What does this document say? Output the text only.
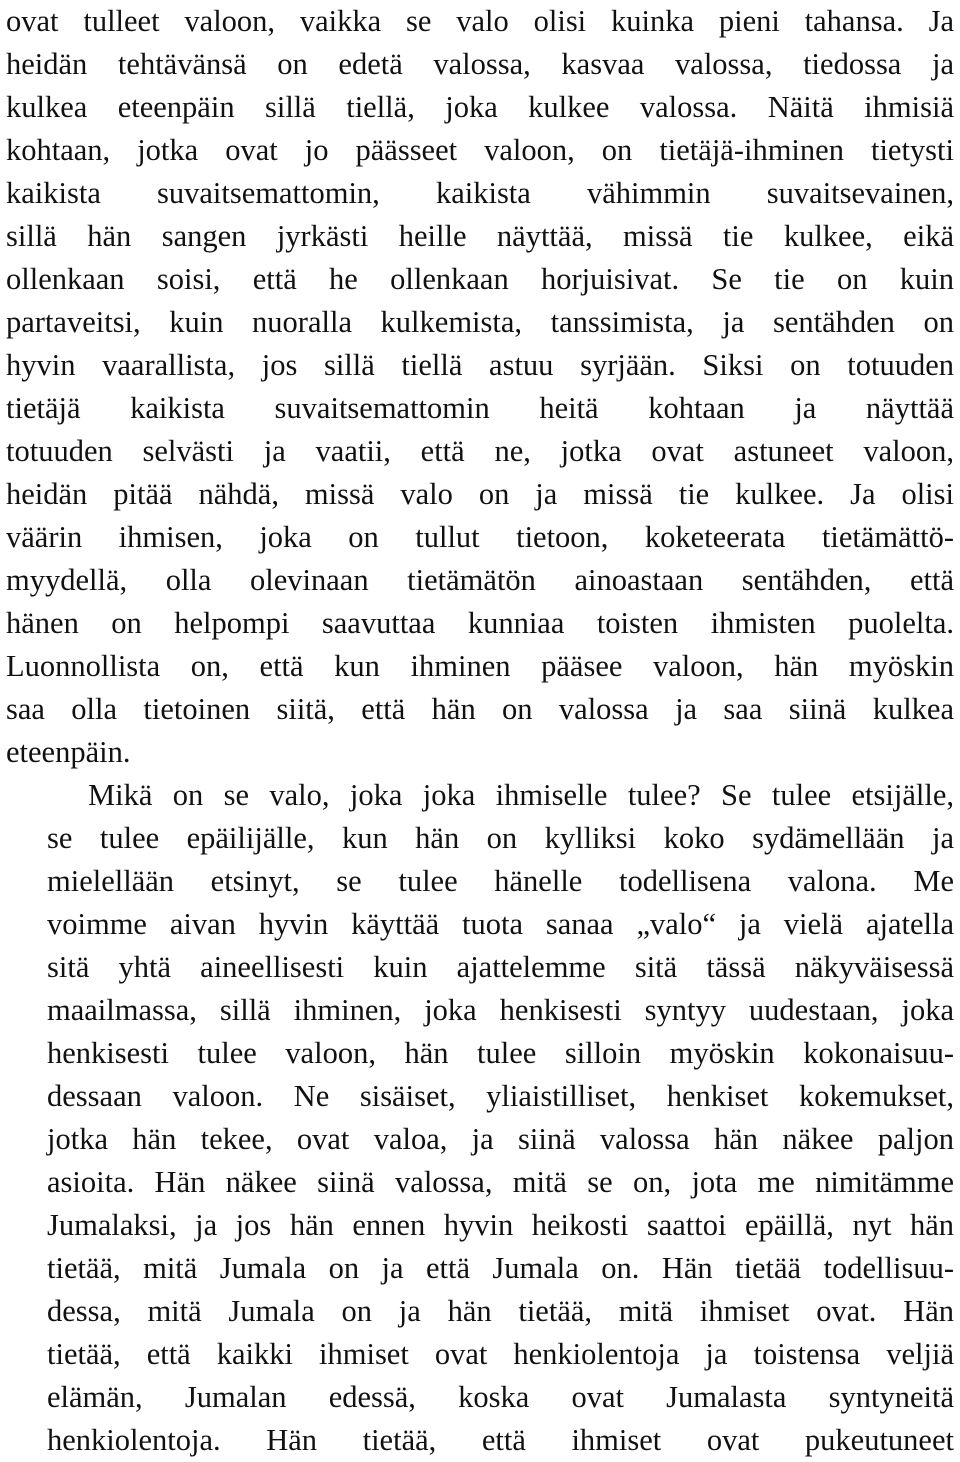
ovat tulleet valoon, vaikka se valo olisi kuinka pieni tahansa. Ja
heidän tehtävänsä on edetä valossa, kasvaa valossa, tiedossa ja
kulkea eteenpäin sillä tiellä, joka kulkee valossa. Näitä ihmisiä
kohtaan, jotka ovat jo päässeet valoon, on tietäjä-ihminen tietysti
kaikista suvaitsemattomin, kaikista vähimmin suvaitsevainen,
sillä hän sangen jyrkästi heille näyttää, missä tie kulkee, eikä
ollenkaan soisi, että he ollenkaan horjuisivat. Se tie on kuin
partaveitsi, kuin nuoralla kulkemista, tanssimista, ja sentähden on
hyvin vaarallista, jos sillä tiellä astuu syrjään. Siksi on totuuden
tietäjä kaikista suvaitsemattomin heitä kohtaan ja näyttää
totuuden selvästi ja vaatii, että ne, jotka ovat astuneet valoon,
heidän pitää nähdä, missä valo on ja missä tie kulkee. Ja olisi
väärin ihmisen, joka on tullut tietoon, koketeerata tietämättö-
myydellä, olla olevinaan tietämätön ainoastaan sentähden, että
hänen on helpompi saavuttaa kunniaa toisten ihmisten puolelta.
Luonnollista on, että kun ihminen pääsee valoon, hän myöskin
saa olla tietoinen siitä, että hän on valossa ja saa siinä kulkea
eteenpäin.
Mikä on se valo, joka joka ihmiselle tulee? Se tulee etsijälle,
se tulee epäilijälle, kun hän on kylliksi koko sydämellään ja
mielellään etsinyt, se tulee hänelle todellisena valona. Me
voimme aivan hyvin käyttää tuota sanaa „valo“ ja vielä ajatella
sitä yhtä aineellisesti kuin ajattelemme sitä tässä näkyväisessä
maailmassa, sillä ihminen, joka henkisesti syntyy uudestaan, joka
henkisesti tulee valoon, hän tulee silloin myöskin kokonaisuu-
dessaan valoon. Ne sisäiset, yliaistilliset, henkiset kokemukset,
jotka hän tekee, ovat valoa, ja siinä valossa hän näkee paljon
asioita. Hän näkee siinä valossa, mitä se on, jota me nimitämme
Jumalaksi, ja jos hän ennen hyvin heikosti saattoi epäillä, nyt hän
tietää, mitä Jumala on ja että Jumala on. Hän tietää todellisuu-
dessa, mitä Jumala on ja hän tietää, mitä ihmiset ovat. Hän
tietää, että kaikki ihmiset ovat henkiolentoja ja toistensa veljiä
elämän, Jumalan edessä, koska ovat Jumalasta syntyneitä
henkiolentoja. Hän tietää, että ihmiset ovat pukeutuneet
